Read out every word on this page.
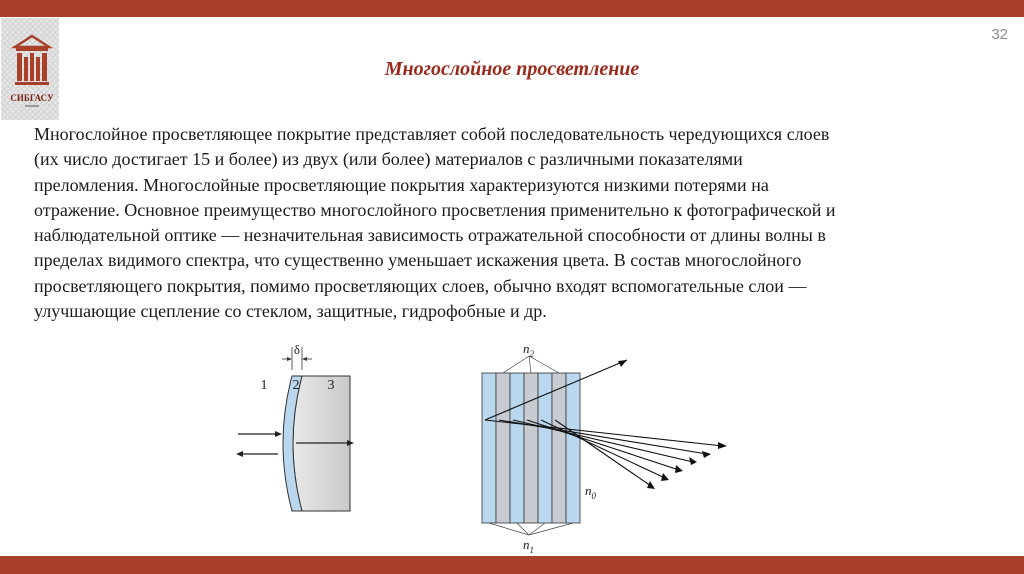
СИБГАСУ
32
Многослойное просветление
Многослойное просветляющее покрытие представляет собой последовательность чередующихся слоев
(их число достигает 15 и более) из двух (или более) материалов с различными показателями
преломления. Многослойные просветляющие покрытия характеризуются низкими потерями на
отражение. Основное преимущество многослойного просветления применительно к фотографической и
наблюдательной оптике — незначительная зависимость отражательной способности от длины волны в
пределах видимого спектра, что существенно уменьшает искажения цвета. В состав многослойного
просветляющего покрытия, помимо просветляющих слоев, обычно входят вспомогательные слои —
улучшающие сцепление со стеклом, защитные, гидрофобные и др.
δ
1 2 3
$n_2$
$n_0$
$n_1$
